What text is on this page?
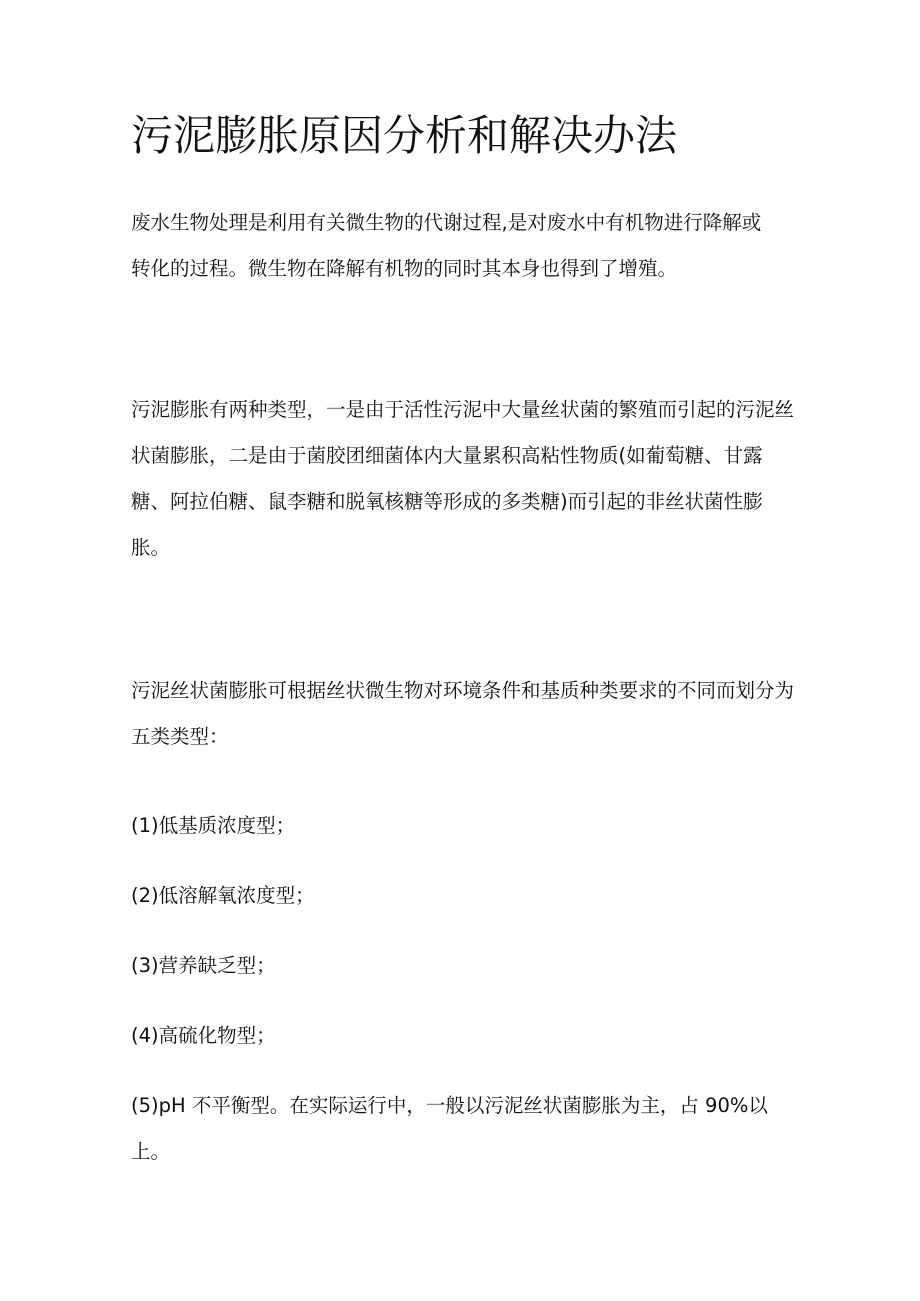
污泥膨胀原因分析和解决办法

废水生物处理是利用有关微生物的代谢过程,是对废水中有机物进行降解或转化的过程。微生物在降解有机物的同时其本身也得到了增殖。

污泥膨胀有两种类型，一是由于活性污泥中大量丝状菌的繁殖而引起的污泥丝状菌膨胀，二是由于菌胶团细菌体内大量累积高粘性物质(如葡萄糖、甘露糖、阿拉伯糖、鼠李糖和脱氧核糖等形成的多类糖)而引起的非丝状菌性膨胀。

污泥丝状菌膨胀可根据丝状微生物对环境条件和基质种类要求的不同而划分为五类类型：

(1)低基质浓度型；

(2)低溶解氧浓度型；

(3)营养缺乏型；

(4)高硫化物型；

(5)pH 不平衡型。在实际运行中，一般以污泥丝状菌膨胀为主，占 90%以上。
